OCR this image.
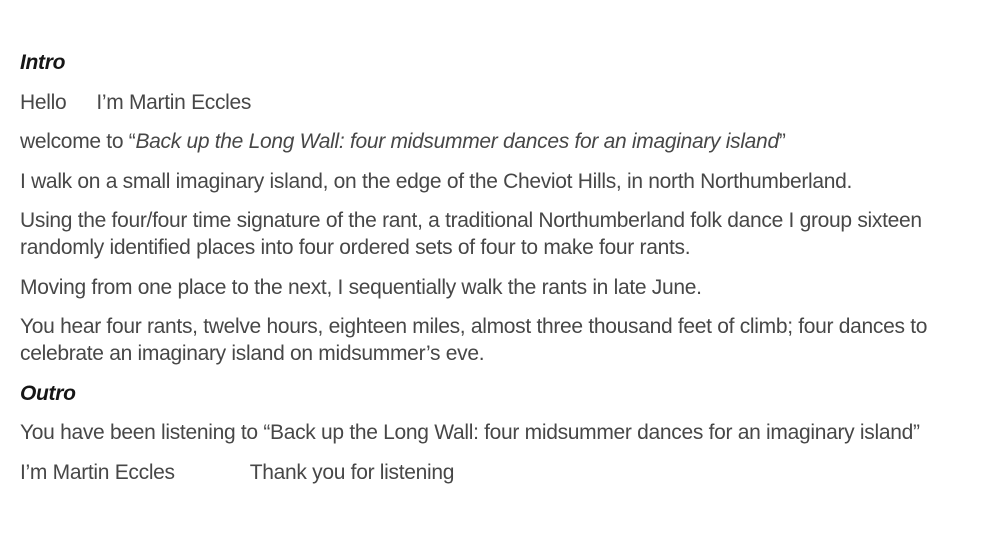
Intro

Hello I’m Martin Eccles

welcome to “Back up the Long Wall: four midsummer dances for an imaginary island”

I walk on a small imaginary island, on the edge of the Cheviot Hills, in north Northumberland.

Using the four/four time signature of the rant, a traditional Northumberland folk dance I group sixteen
randomly identified places into four ordered sets of four to make four rants.

Moving from one place to the next, I sequentially walk the rants in late June.

You hear four rants, twelve hours, eighteen miles, almost three thousand feet of climb; four dances to
celebrate an imaginary island on midsummer’s eve.

Outro

You have been listening to “Back up the Long Wall: four midsummer dances for an imaginary island”

I’m Martin Eccles	Thank you for listening
